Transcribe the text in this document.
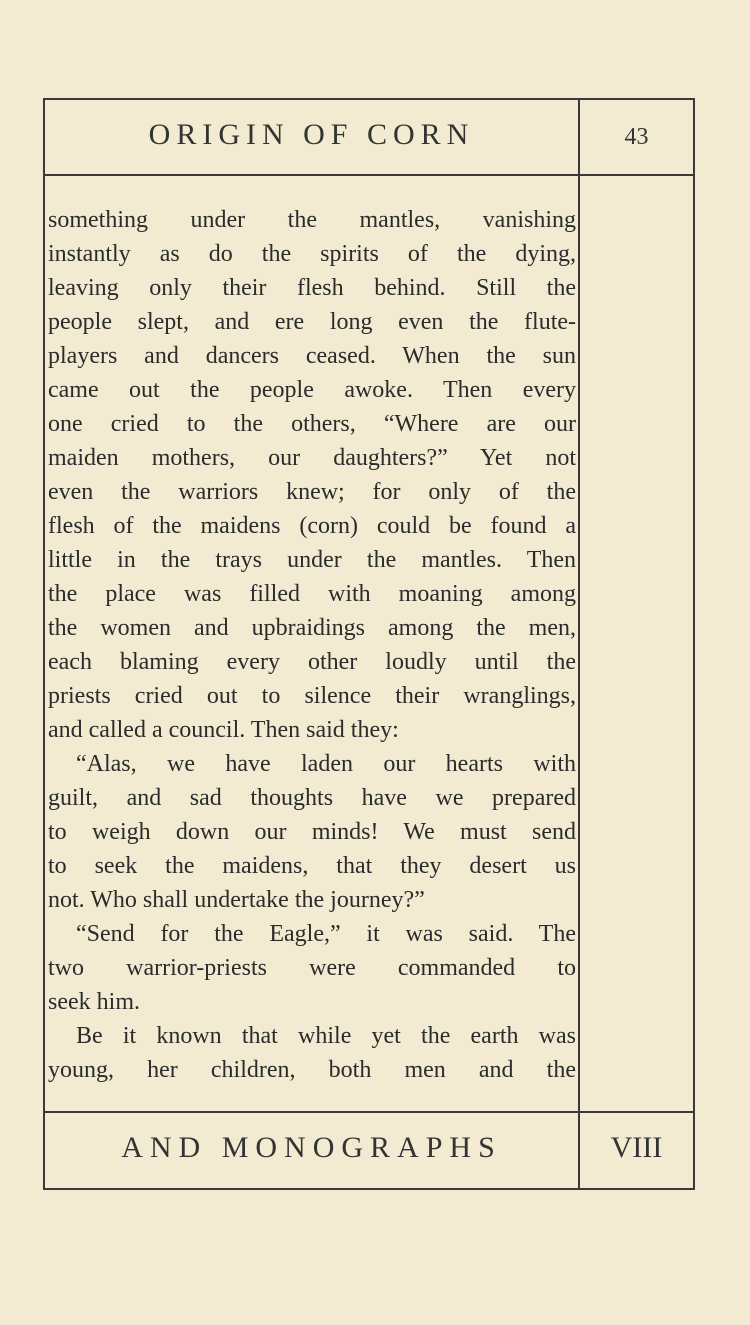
ORIGIN OF CORN	43
something under the mantles, vanishing
instantly as do the spirits of the dying,
leaving only their flesh behind. Still the
people slept, and ere long even the flute-
players and dancers ceased. When the sun
came out the people awoke. Then every
one cried to the others, “Where are our
maiden mothers, our daughters?” Yet not
even the warriors knew; for only of the
flesh of the maidens (corn) could be found a
little in the trays under the mantles. Then
the place was filled with moaning among
the women and upbraidings among the men,
each blaming every other loudly until the
priests cried out to silence their wranglings,
and called a council. Then said they:
“Alas, we have laden our hearts with
guilt, and sad thoughts have we prepared
to weigh down our minds! We must send
to seek the maidens, that they desert us
not. Who shall undertake the journey?”
“Send for the Eagle,” it was said. The
two warrior-priests were commanded to
seek him.
Be it known that while yet the earth was
young, her children, both men and the
AND MONOGRAPHS	VIII
